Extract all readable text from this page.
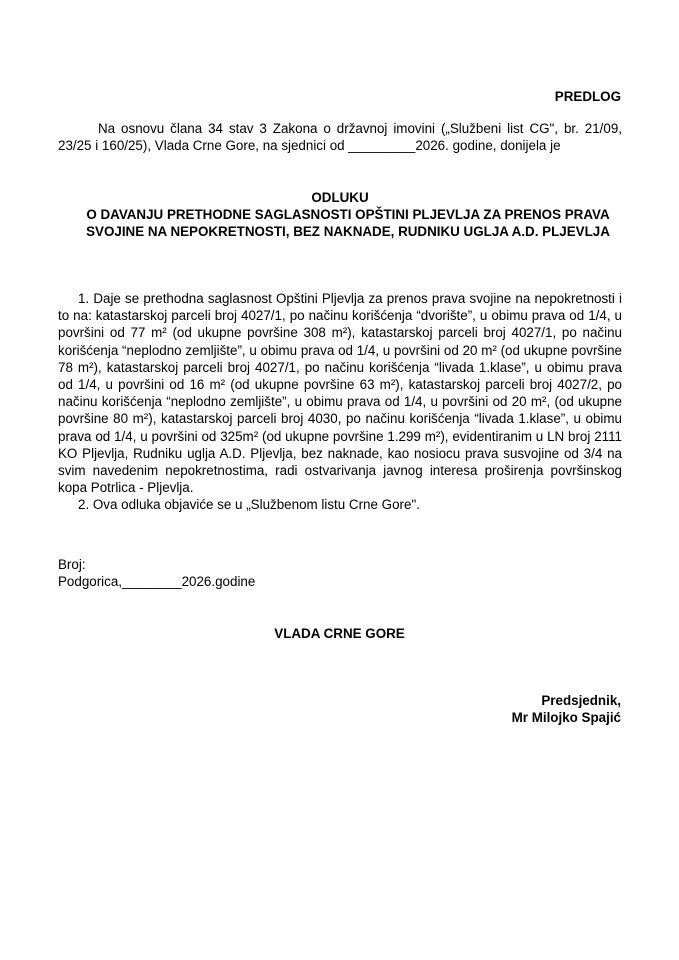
PREDLOG
Na osnovu člana 34 stav 3 Zakona o državnoj imovini („Službeni list CG", br. 21/09, 23/25 i 160/25), Vlada Crne Gore, na sjednici od _________2026. godine, donijela je
ODLUKU
O DAVANJU PRETHODNE SAGLASNOSTI OPŠTINI PLJEVLJA ZA PRENOS PRAVA SVOJINE NA NEPOKRETNOSTI, BEZ NAKNADE, RUDNIKU UGLJA A.D. PLJEVLJA

1. Daje se prethodna saglasnost Opštini Pljevlja za prenos prava svojine na nepokretnosti i to na: katastarskoj parceli broj 4027/1, po načinu korišćenja “dvorište”, u obimu prava od 1/4, u površini od 77 m² (od ukupne površine 308 m²), katastarskoj parceli broj 4027/1, po načinu korišćenja “neplodno zemljište”, u obimu prava od 1/4, u površini od 20 m² (od ukupne površine 78 m²), katastarskoj parceli broj 4027/1, po načinu korišćenja “livada 1.klase”, u obimu prava od 1/4, u površini od 16 m² (od ukupne površine 63 m²), katastarskoj parceli broj 4027/2, po načinu korišćenja “neplodno zemljište”, u obimu prava od 1/4, u površini od 20 m², (od ukupne površine 80 m²), katastarskoj parceli broj 4030, po načinu korišćenja “livada 1.klase”, u obimu prava od 1/4, u površini od 325m² (od ukupne površine 1.299 m²), evidentiranim u LN broj 2111 KO Pljevlja, Rudniku uglja A.D. Pljevlja, bez naknade, kao nosiocu prava susvojine od 3/4 na svim navedenim nepokretnostima, radi ostvarivanja javnog interesa proširenja površinskog kopa Potrlica - Pljevlja.

2. Ova odluka objaviće se u „Službenom listu Crne Gore".

Broj:
Podgorica,________2026.godine
VLADA CRNE GORE
Predsjednik,
Mr Milojko Spajić
